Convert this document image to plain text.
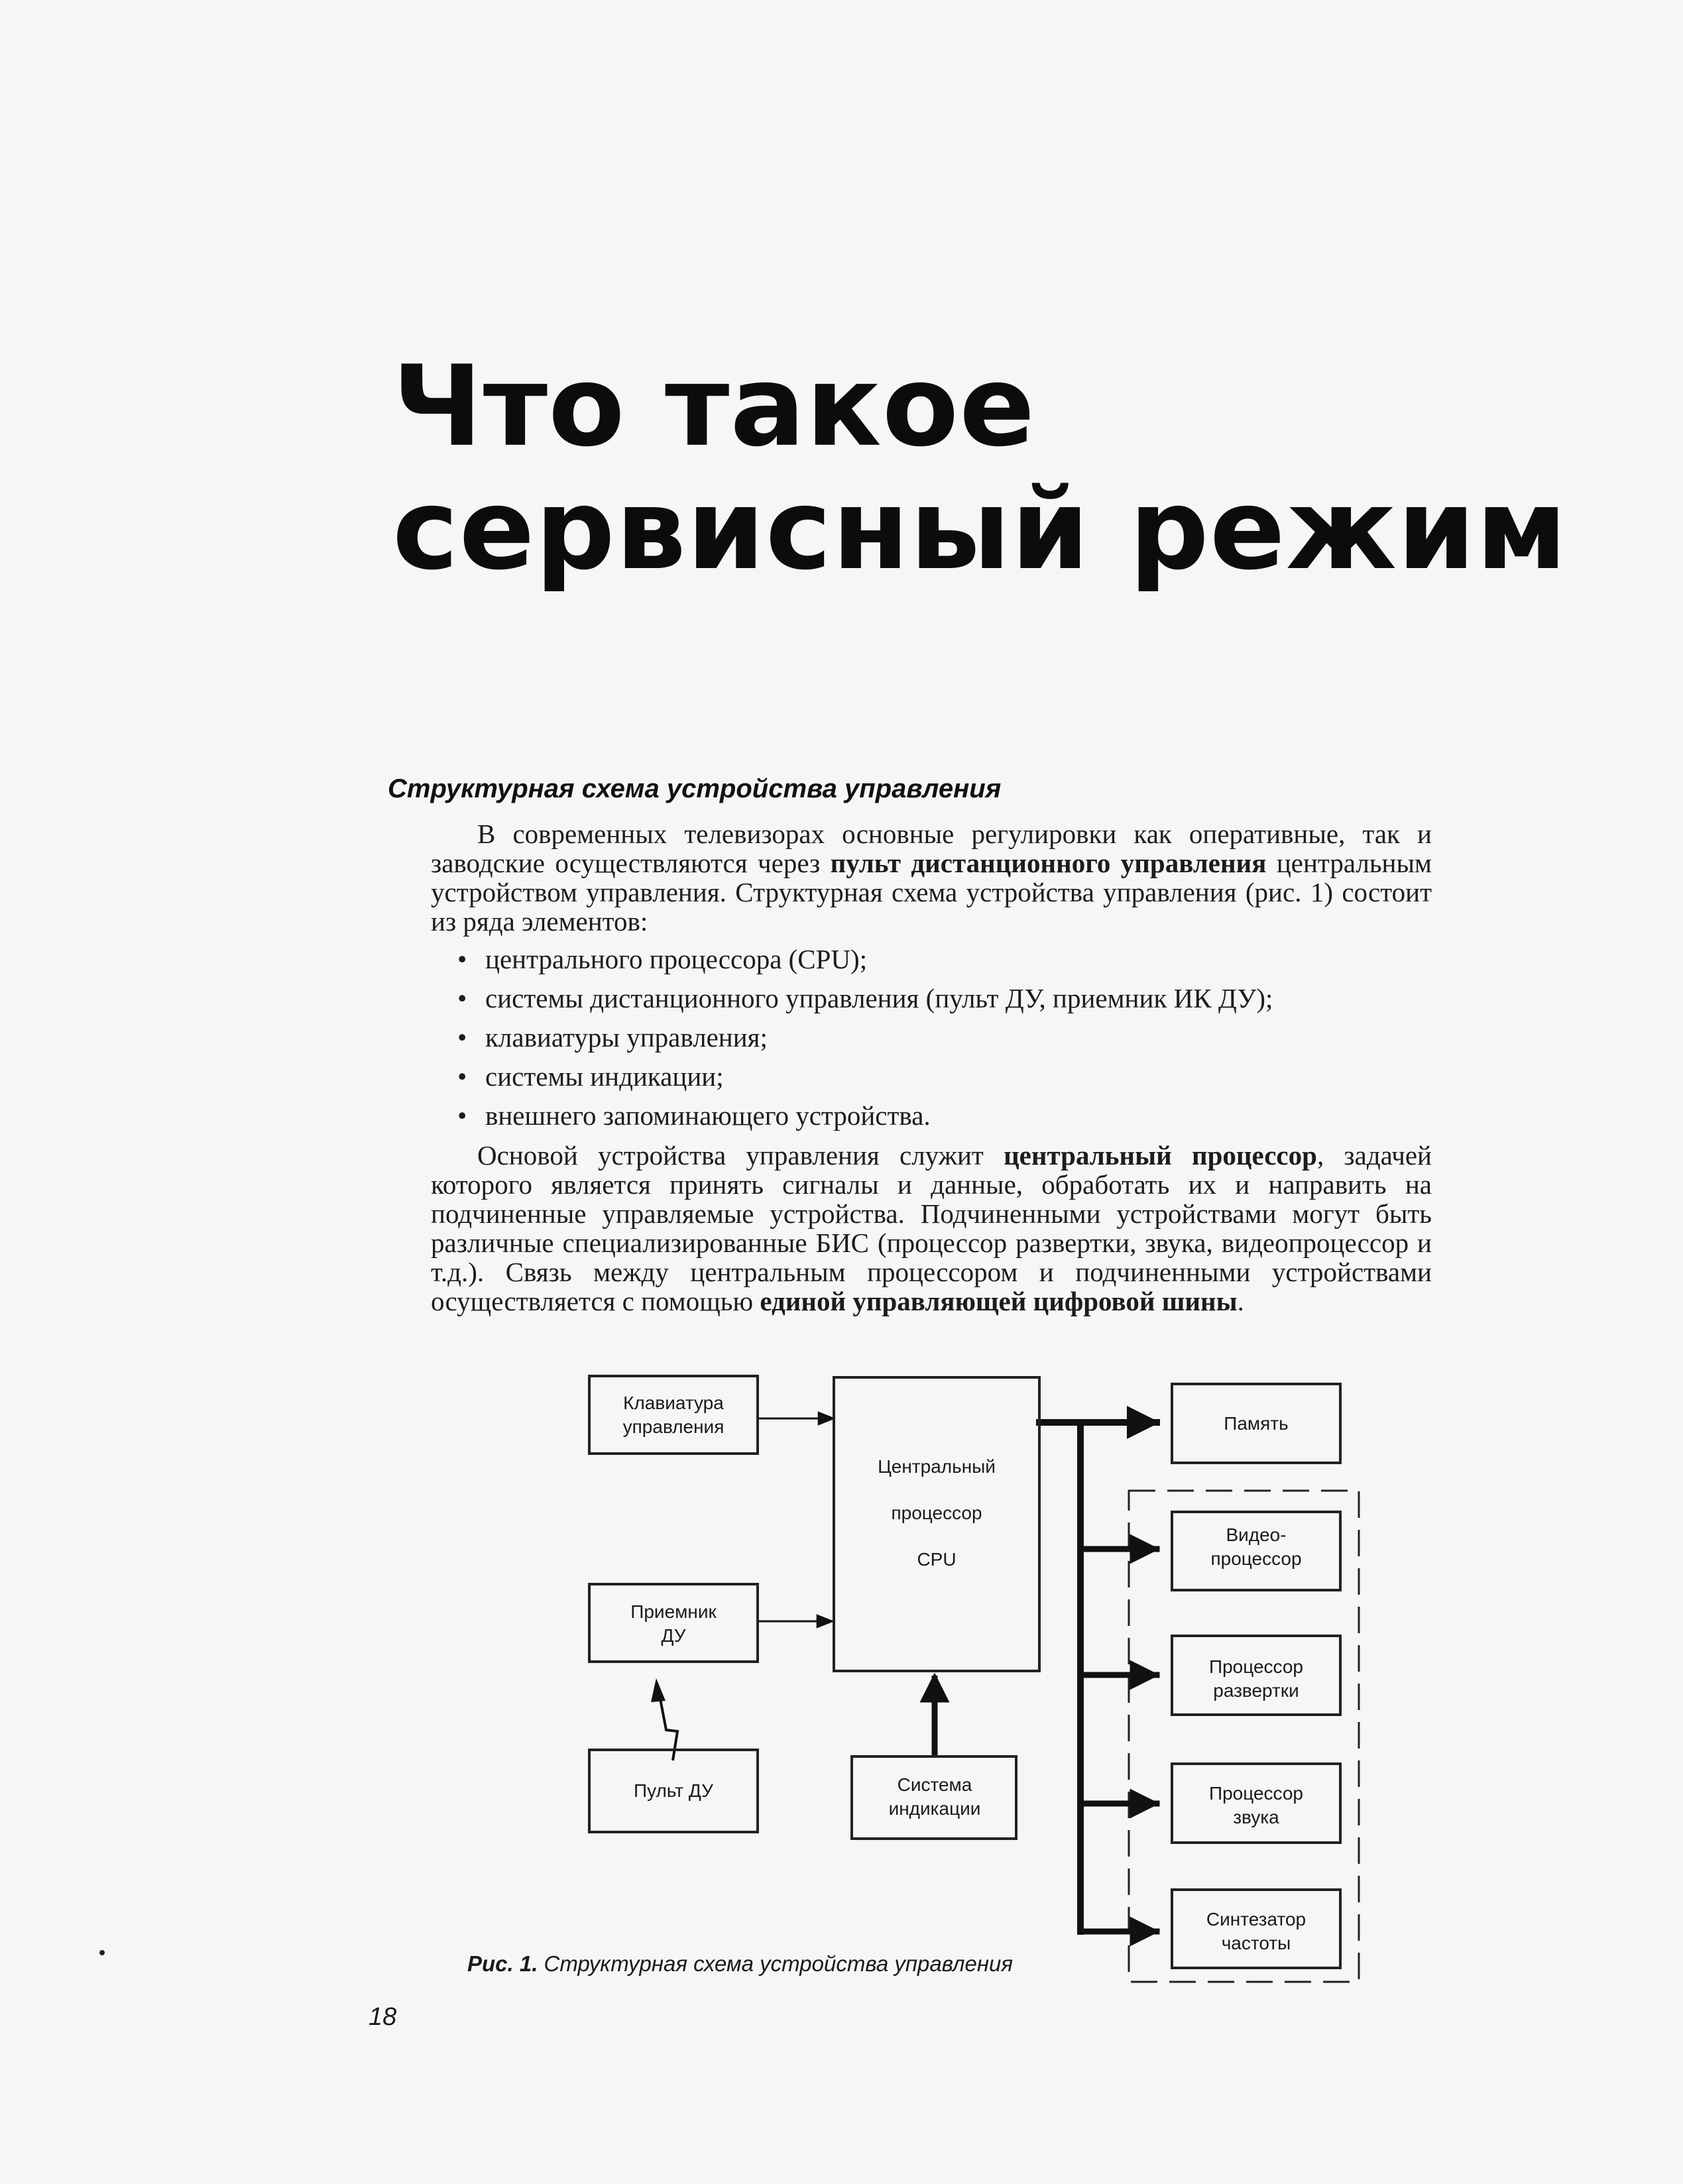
Что такое
сервисный режим
Структурная схема устройства управления

В современных телевизорах основные регулировки как оперативные, так и заводские осуществляются через пульт дистанционного управления центральным устройством управления. Структурная схема устройства управления (рис. 1) состоит из ряда элементов:

• центрального процессора (CPU);
• системы дистанционного управления (пульт ДУ, приемник ИК ДУ);
• клавиатуры управления;
• системы индикации;
• внешнего запоминающего устройства.

Основой устройства управления служит центральный процессор, задачей которого является принять сигналы и данные, обработать их и направить на подчиненные управляемые устройства. Подчиненными устройствами могут быть различные специализированные БИС (процессор развертки, звука, видеопроцессор и т.д.). Связь между центральным процессором и подчиненными устройствами осуществляется с помощью единой управляющей цифровой шины.

Клавиатура
управления
Центральный
процессор
CPU
Приемник
ДУ
Пульт ДУ	Система
индикации
Память
Видео-
процессор
Процессор
развертки
Процессор
звука
Синтезатор
частоты
Рис. 1. Структурная схема устройства управления
18
